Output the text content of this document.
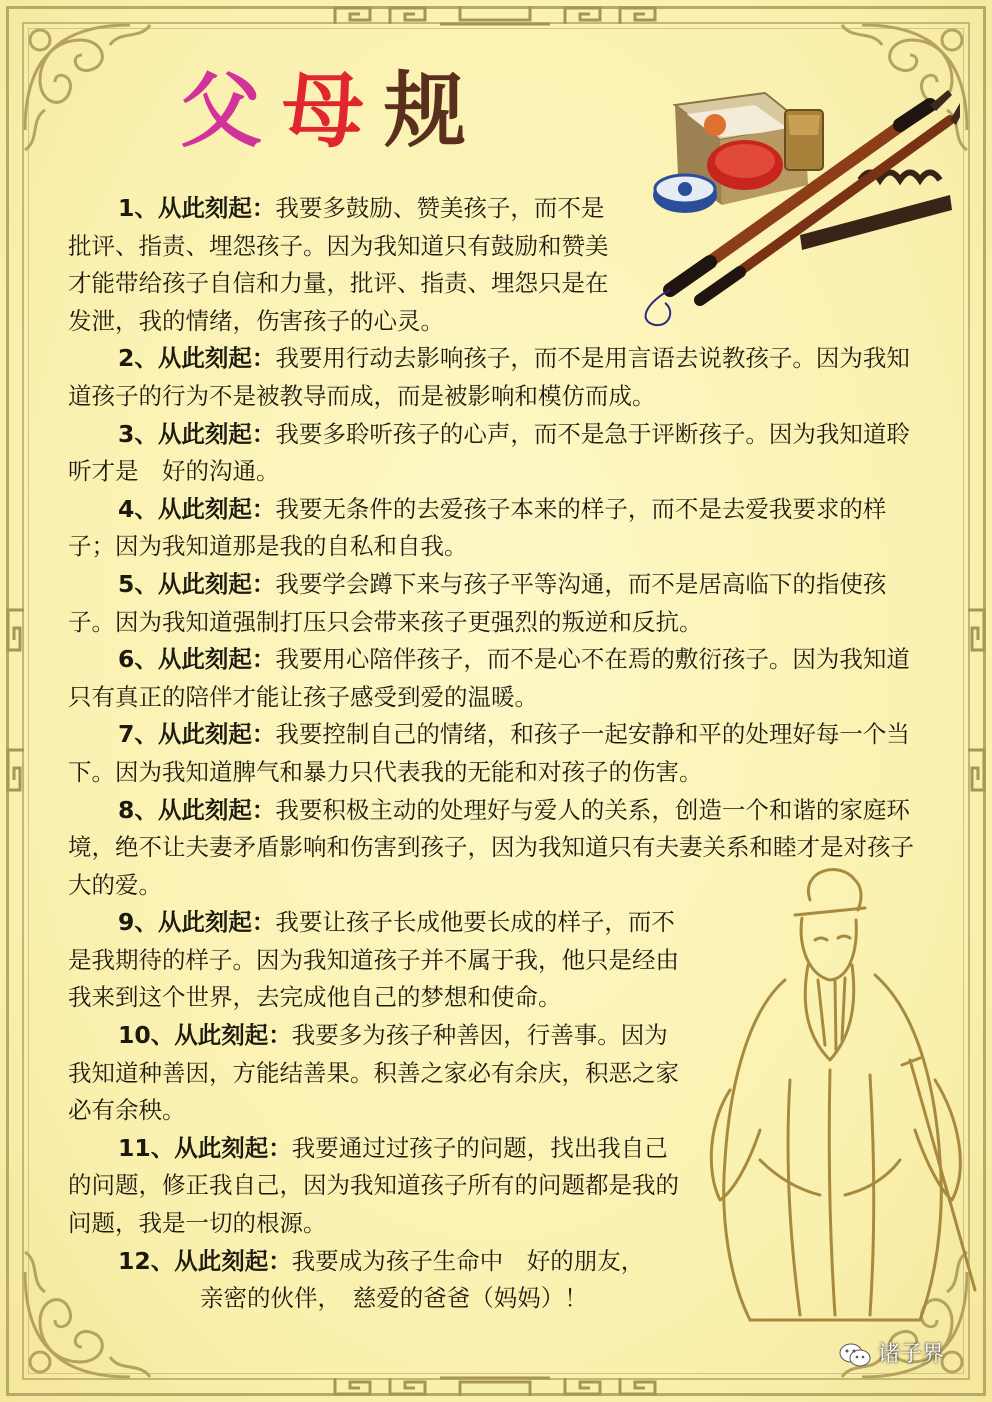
父母规

1、从此刻起：我要多鼓励、赞美孩子，而不是批评、指责、埋怨孩子。因为我知道只有鼓励和赞美才能带给孩子自信和力量，批评、指责、埋怨只是在发泄，我的情绪，伤害孩子的心灵。

2、从此刻起：我要用行动去影响孩子，而不是用言语去说教孩子。因为我知道孩子的行为不是被教导而成，而是被影响和模仿而成。

3、从此刻起：我要多聆听孩子的心声，而不是急于评断孩子。因为我知道聆听才是　好的沟通。

4、从此刻起：我要无条件的去爱孩子本来的样子，而不是去爱我要求的样子；因为我知道那是我的自私和自我。

5、从此刻起：我要学会蹲下来与孩子平等沟通，而不是居高临下的指使孩子。因为我知道强制打压只会带来孩子更强烈的叛逆和反抗。

6、从此刻起：我要用心陪伴孩子，而不是心不在焉的敷衍孩子。因为我知道只有真正的陪伴才能让孩子感受到爱的温暖。

7、从此刻起：我要控制自己的情绪，和孩子一起安静和平的处理好每一个当下。因为我知道脾气和暴力只代表我的无能和对孩子的伤害。

8、从此刻起：我要积极主动的处理好与爱人的关系，创造一个和谐的家庭环境，绝不让夫妻矛盾影响和伤害到孩子，因为我知道只有夫妻关系和睦才是对孩子　大的爱。

9、从此刻起：我要让孩子长成他要长成的样子，而不是我期待的样子。因为我知道孩子并不属于我，他只是经由我来到这个世界，去完成他自己的梦想和使命。

10、从此刻起：我要多为孩子种善因，行善事。因为我知道种善因，方能结善果。积善之家必有余庆，积恶之家必有余秧。

11、从此刻起：我要通过过孩子的问题，找出我自己的问题，修正我自己，因为我知道孩子所有的问题都是我的问题，我是一切的根源。

12、从此刻起：我要成为孩子生命中　好的朋友，

亲密的伙伴，　慈爱的爸爸（妈妈）！

诸子界
